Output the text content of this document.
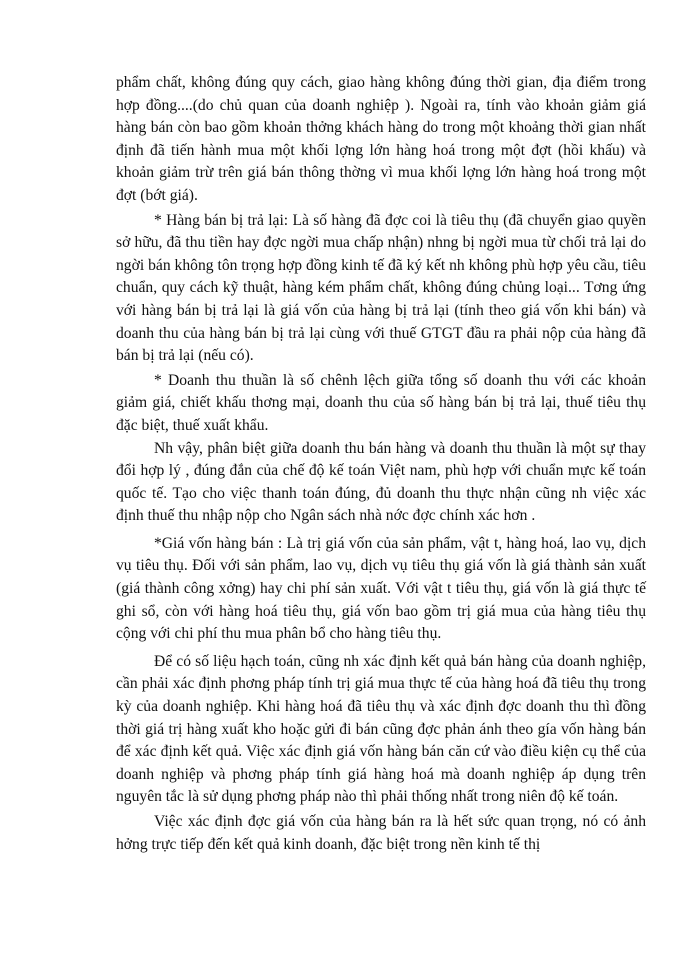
phẩm chất, không đúng quy cách, giao hàng không đúng thời gian, địa điểm trong hợp đồng....(do chủ quan của doanh nghiệp ). Ngoài ra, tính vào khoản giảm giá hàng bán còn bao gồm khoản thởng khách hàng do trong một khoảng thời gian nhất định đã tiến hành mua một khối lợng lớn hàng hoá trong một đợt (hồi khấu) và khoản giảm trừ trên giá bán thông thờng vì mua khối lợng lớn hàng hoá trong một đợt (bớt giá).

* Hàng bán bị trả lại: Là số hàng đã đợc coi là tiêu thụ (đã chuyển giao quyền sở hữu, đã thu tiền hay đợc ngời mua chấp nhận) nhng bị ngời mua từ chối trả lại do ngời bán không tôn trọng hợp đồng kinh tế đã ký kết nh không phù hợp yêu cầu, tiêu chuẩn, quy cách kỹ thuật, hàng kém phẩm chất, không đúng chủng loại... Tơng ứng với hàng bán bị trả lại là giá vốn của hàng bị trả lại (tính theo giá vốn khi bán) và doanh thu của hàng bán bị trả lại cùng với thuế GTGT đầu ra phải nộp của hàng đã bán bị trả lại (nếu có).

* Doanh thu thuần là số chênh lệch giữa tổng số doanh thu với các khoản giảm giá, chiết khấu thơng mại, doanh thu của số hàng bán bị trả lại, thuế tiêu thụ đặc biệt, thuế xuất khẩu.

Nh vậy, phân biệt giữa doanh thu bán hàng và doanh thu thuần là một sự thay đổi hợp lý , đúng đắn của chế độ kế toán Việt nam, phù hợp với chuẩn mực kế toán quốc tế. Tạo cho việc thanh toán đúng, đủ doanh thu thực nhận cũng nh việc xác định thuế thu nhập nộp cho Ngân sách nhà nớc đợc chính xác hơn .

*Giá vốn hàng bán : Là trị giá vốn của sản phẩm, vật t, hàng hoá, lao vụ, dịch vụ tiêu thụ. Đối với sản phẩm, lao vụ, dịch vụ tiêu thụ giá vốn là giá thành sản xuất (giá thành công xởng) hay chi phí sản xuất. Với vật t tiêu thụ, giá vốn là giá thực tế ghi sổ, còn với hàng hoá tiêu thụ, giá vốn bao gồm trị giá mua của hàng tiêu thụ cộng với chi phí thu mua phân bổ cho hàng tiêu thụ.

Để có số liệu hạch toán, cũng nh xác định kết quả bán hàng của doanh nghiệp, cần phải xác định phơng pháp tính trị giá mua thực tế của hàng hoá đã tiêu thụ trong kỳ của doanh nghiệp. Khi hàng hoá đã tiêu thụ và xác định đợc doanh thu thì đồng thời giá trị hàng xuất kho hoặc gửi đi bán cũng đợc phản ánh theo gía vốn hàng bán để xác định kết quả. Việc xác định giá vốn hàng bán căn cứ vào điều kiện cụ thể của doanh nghiệp và phơng pháp tính giá hàng hoá mà doanh nghiệp áp dụng trên nguyên tắc là sử dụng phơng pháp nào thì phải thống nhất trong niên độ kế toán.

Việc xác định đợc giá vốn của hàng bán ra là hết sức quan trọng, nó có ảnh hởng trực tiếp đến kết quả kinh doanh, đặc biệt trong nền kinh tế thị
